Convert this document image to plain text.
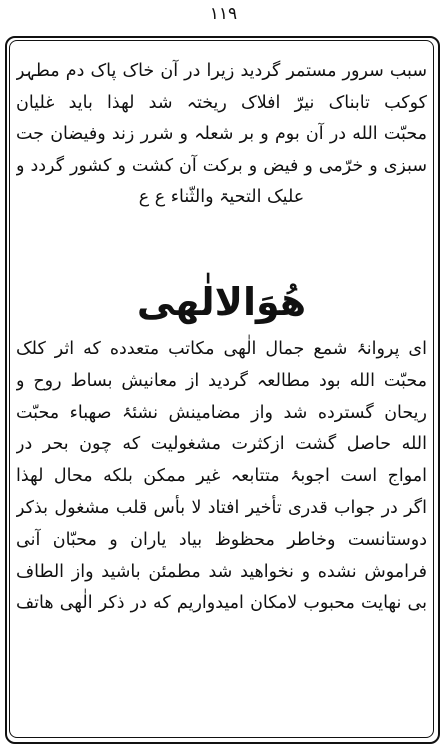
۱۱۹
سبب سرور مستمر گردید زیرا در آن خاک پاک دم مطہر
کوکب تابناک نیرّ افلاک ریختہ شد لهذا باید غلیان
محبّت الله در آن بوم و بر شعلہ و شرر زند وفیضان جت
سبزی و خرّمی و فیض و برکت آن کشت و کشور گردد و
علیک التحیۃ والثّناء ع ع
هُوَالالٰهی
ای پروانۂ شمع جمال الٰهی مکاتب متعدده که اثر کلک
محبّت الله بود مطالعہ گردید از معانیش بساط روح و
ریحان گسترده شد واز مضامینش نشئۂ صهباء محبّت
الله حاصل گشت ازکثرت مشغولیت که چون بحر در
امواج است اجوبۂ متتابعہ غیر ممکن بلکه محال لهذا
اگر در جواب قدری تأخیر افتاد لا بأس قلب مشغول بذکر
دوستانست وخاطر محظوظ بیاد یاران و محبّان آنی
فراموش نشده و نخواهید شد مطمئن باشید واز الطاف
بی نهایت محبوب لامکان امیدواریم که در ذکر الٰهی هاتف
